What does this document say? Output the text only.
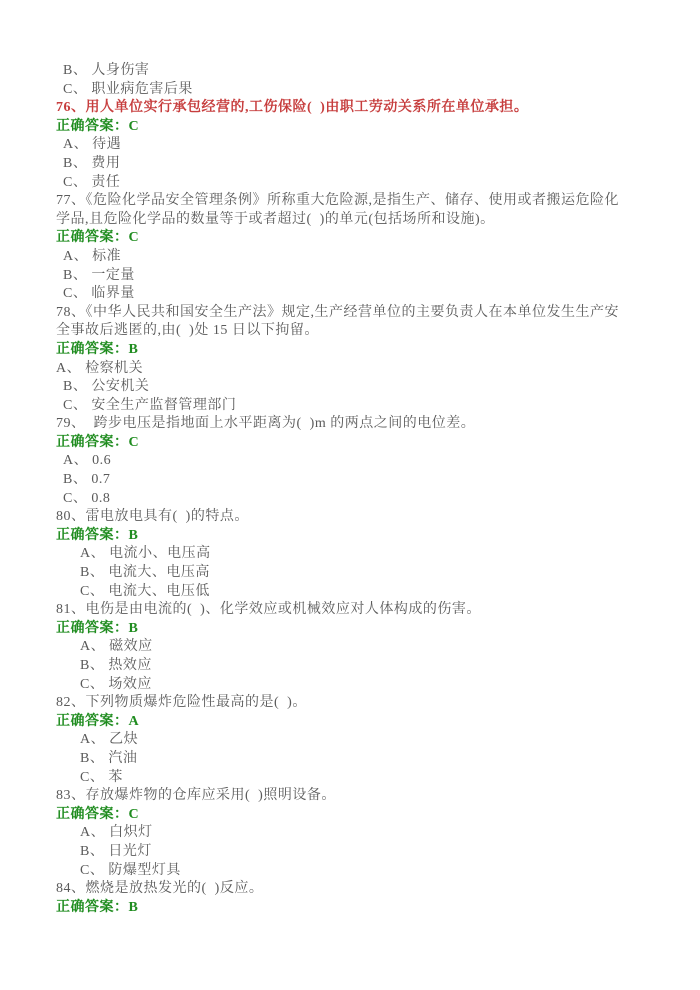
B、 人身伤害
C、 职业病危害后果
76、用人单位实行承包经营的,工伤保险(  )由职工劳动关系所在单位承担。
正确答案：C
A、 待遇
B、 费用
C、 责任
77、《危险化学品安全管理条例》所称重大危险源,是指生产、储存、使用或者搬运危险化
学品,且危险化学品的数量等于或者超过(  )的单元(包括场所和设施)。
正确答案：C
A、 标准
B、 一定量
C、 临界量
78、《中华人民共和国安全生产法》规定,生产经营单位的主要负责人在本单位发生生产安
全事故后逃匿的,由(  )处 15 日以下拘留。
正确答案：B
A、 检察机关
B、 公安机关
C、 安全生产监督管理部门
79、  跨步电压是指地面上水平距离为(  )m 的两点之间的电位差。
正确答案：C
A、 0.6
B、 0.7
C、 0.8
80、雷电放电具有(  )的特点。
正确答案：B
A、 电流小、电压高
B、 电流大、电压高
C、 电流大、电压低
81、电伤是由电流的(  )、化学效应或机械效应对人体构成的伤害。
正确答案：B
A、 磁效应
B、 热效应
C、 场效应
82、下列物质爆炸危险性最高的是(  )。
正确答案：A
A、 乙炔
B、 汽油
C、 苯
83、存放爆炸物的仓库应采用(  )照明设备。
正确答案：C
A、 白炽灯
B、 日光灯
C、 防爆型灯具
84、燃烧是放热发光的(  )反应。
正确答案：B
